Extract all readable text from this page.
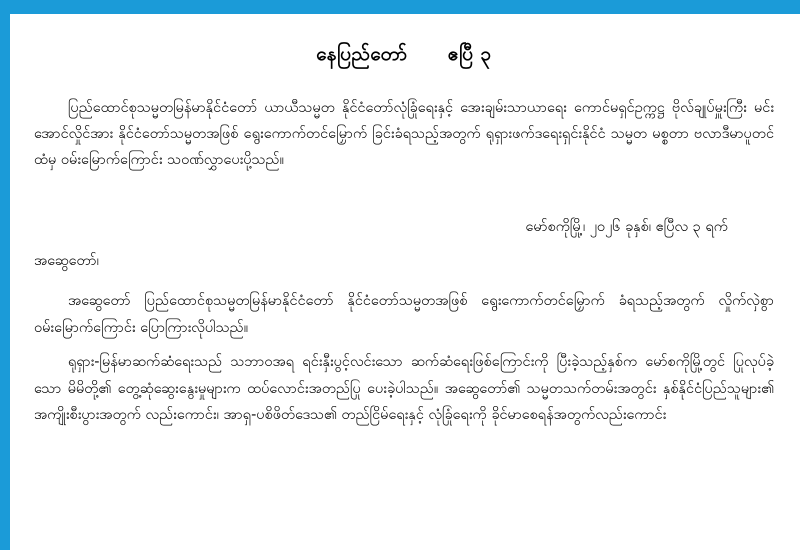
နေပြည်တော် ဧပြီ ၃

ပြည်ထောင်စုသမ္မတမြန်မာနိုင်ငံတော် ယာယီသမ္မတ နိုင်ငံတော်လုံခြုံရေးနှင့် အေးချမ်းသာယာရေး ကောင်မရှင်ဥက္ကဋ္ဌ ဗိုလ်ချုပ်မှူးကြီး မင်းအောင်လှိုင်အား နိုင်ငံတော်သမ္မတအဖြစ် ရွေးကောက်တင်မြှောက် ခြင်းခံရသည့်အတွက် ရုရှားဖက်ဒရေးရှင်းနိုင်ငံ သမ္မတ မစ္စတာ ဗလာဒီမာပူတင် ထံမှ ဝမ်းမြောက်ကြောင်း သဝဏ်လွှာပေးပို့သည်။

မော်စကိုမြို့၊ ၂၀၂၆ ခုနှစ်၊ ဧပြီလ ၃ ရက်
အဆွေတော်၊

အဆွေတော် ပြည်ထောင်စုသမ္မတမြန်မာနိုင်ငံတော် နိုင်ငံတော်သမ္မတအဖြစ် ရွေးကောက်တင်မြှောက် ခံရသည့်အတွက် လှိုက်လှဲစွာဝမ်းမြောက်ကြောင်း ပြောကြားလိုပါသည်။

ရုရှား-မြန်မာဆက်ဆံရေးသည် သဘာဝအရ ရင်းနှီးပွင့်လင်းသော ဆက်ဆံရေးဖြစ်ကြောင်းကို ပြီးခဲ့သည့်နှစ်က မော်စကိုမြို့တွင် ပြုလုပ်ခဲ့သော မိမိတို့၏ တွေ့ဆုံဆွေးနွေးမှုများက ထပ်လောင်းအတည်ပြု ပေးခဲ့ပါသည်။ အဆွေတော်၏ သမ္မတသက်တမ်းအတွင်း နှစ်နိုင်ငံပြည်သူများ၏ အကျိုးစီးပွားအတွက် လည်းကောင်း၊ အာရှ-ပစိဖိတ်ဒေသ၏ တည်ငြိမ်ရေးနှင့် လုံခြုံရေးကို ခိုင်မာစေရန်အတွက်လည်းကောင်း
